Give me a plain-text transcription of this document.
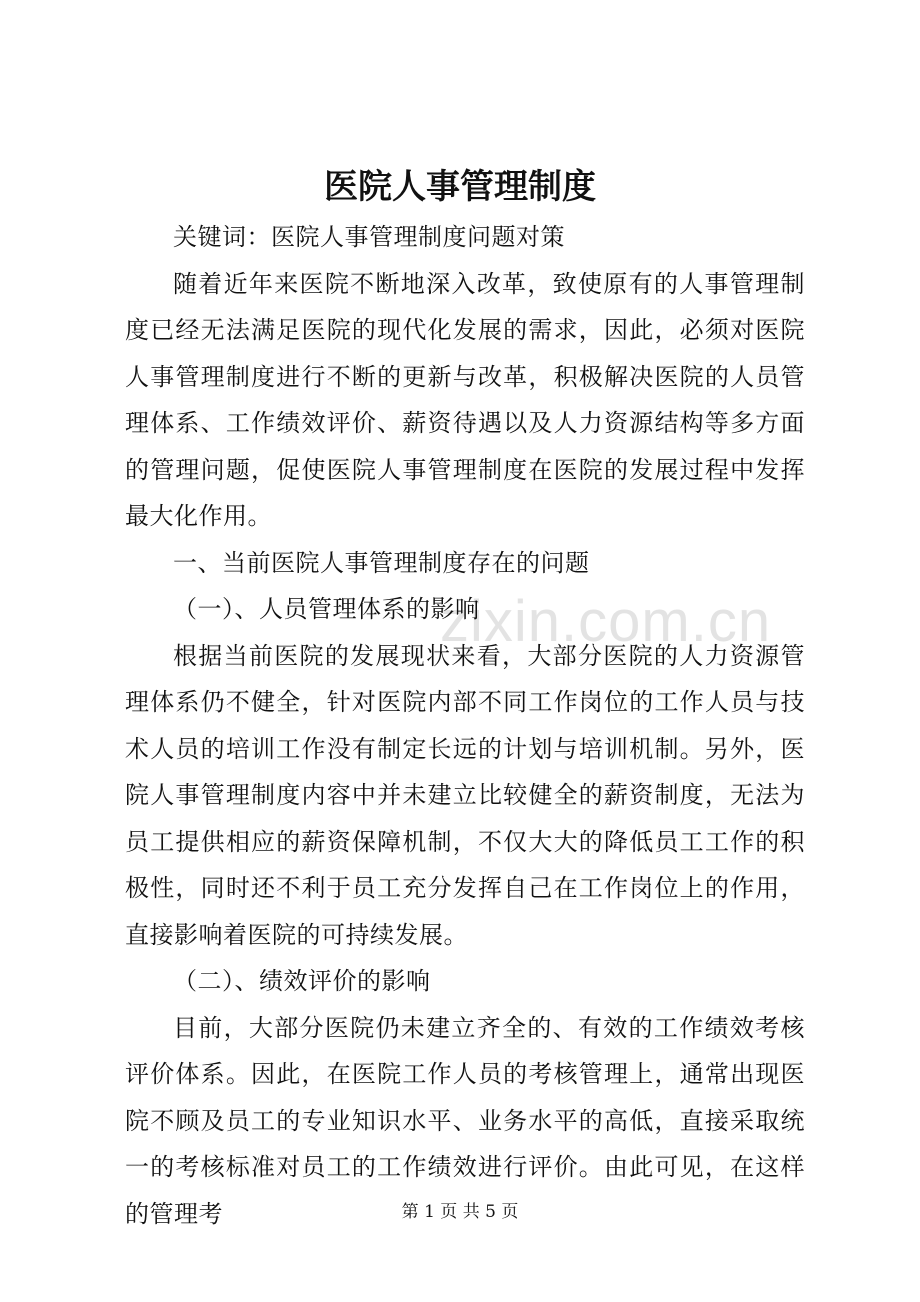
zixin.com.cn
医院人事管理制度

关键词：医院人事管理制度问题对策

随着近年来医院不断地深入改革，致使原有的人事管理制度已经无法满足医院的现代化发展的需求，因此，必须对医院人事管理制度进行不断的更新与改革，积极解决医院的人员管理体系、工作绩效评价、薪资待遇以及人力资源结构等多方面的管理问题，促使医院人事管理制度在医院的发展过程中发挥最大化作用。

一、当前医院人事管理制度存在的问题

（一）、人员管理体系的影响

根据当前医院的发展现状来看，大部分医院的人力资源管理体系仍不健全，针对医院内部不同工作岗位的工作人员与技术人员的培训工作没有制定长远的计划与培训机制。另外，医院人事管理制度内容中并未建立比较健全的薪资制度，无法为员工提供相应的薪资保障机制，不仅大大的降低员工工作的积极性，同时还不利于员工充分发挥自己在工作岗位上的作用，直接影响着医院的可持续发展。

（二）、绩效评价的影响

目前，大部分医院仍未建立齐全的、有效的工作绩效考核评价体系。因此，在医院工作人员的考核管理上，通常出现医院不顾及员工的专业知识水平、业务水平的高低，直接采取统一的考核标准对员工的工作绩效进行评价。由此可见，在这样的管理考	第 1 页 共 5 页
